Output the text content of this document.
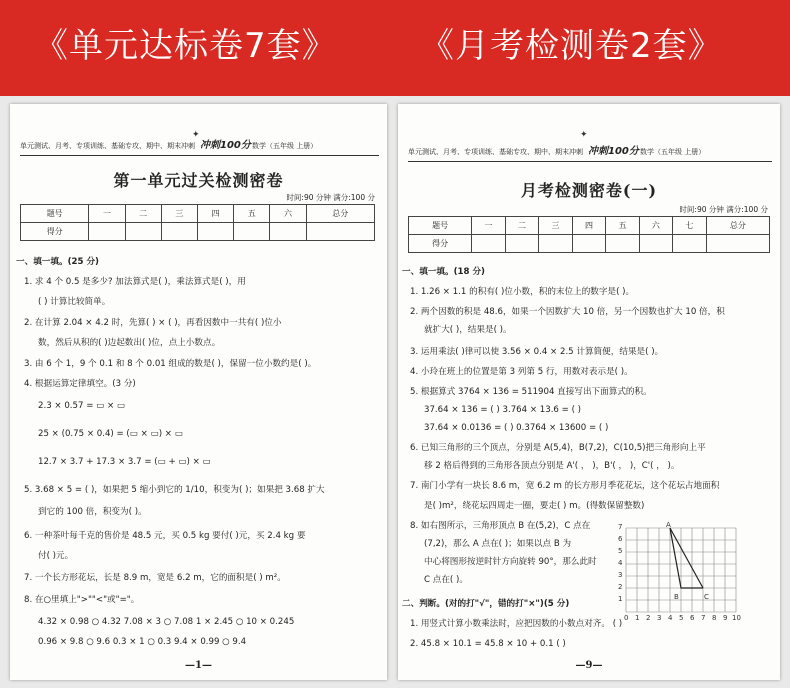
《单元达标卷7套》 《月考检测卷2套》
✦
单元测试、月考、专项训练、基础专攻、期中、期末冲刺 冲刺100分 数学（五年级 上册）
第一单元过关检测密卷
时间:90 分钟 满分:100 分
题号	一	二	三	四	五	六	总分
得分							
一、填一填。(25 分)
1. 求 4 个 0.5 是多少? 加法算式是( )，乘法算式是( )，用
( ) 计算比较简单。
2. 在计算 2.04 × 4.2 时，先算( ) × ( )，再看因数中一共有( )位小
数，然后从积的( )边起数出( )位，点上小数点。
3. 由 6 个 1，9 个 0.1 和 8 个 0.01 组成的数是( )，保留一位小数约是( )。
4. 根据运算定律填空。(3 分)
2.3 × 0.57 = ▭ × ▭
25 × (0.75 × 0.4) = (▭ × ▭) × ▭
12.7 × 3.7 + 17.3 × 3.7 = (▭ + ▭) × ▭
5. 3.68 × 5 = ( )，如果把 5 缩小到它的 1/10，积变为( )；如果把 3.68 扩大
到它的 100 倍，积变为( )。
6. 一种茶叶每千克的售价是 48.5 元，买 0.5 kg 要付( )元，买 2.4 kg 要
付( )元。
7. 一个长方形花坛，长是 8.9 m，宽是 6.2 m，它的面积是( ) m²。
8. 在○里填上">""<"或"="。
4.32 × 0.98 ○ 4.32 7.08 × 3 ○ 7.08 1 × 2.45 ○ 10 × 0.245
0.96 × 9.8 ○ 9.6 0.3 × 1 ○ 0.3 9.4 × 0.99 ○ 9.4
—1—
✦
单元测试、月考、专项训练、基础专攻、期中、期末冲刺 冲刺100分 数学（五年级 上册）
月考检测密卷(一)
时间:90 分钟 满分:100 分
题号	一	二	三	四	五	六	七	总分
得分								
一、填一填。(18 分)
1. 1.26 × 1.1 的积有( )位小数，积的末位上的数字是( )。
2. 两个因数的积是 48.6，如果一个因数扩大 10 倍，另一个因数也扩大 10 倍，积
就扩大( )，结果是( )。
3. 运用乘法( )律可以使 3.56 × 0.4 × 2.5 计算简便，结果是( )。
4. 小玲在班上的位置是第 3 列第 5 行，用数对表示是( )。
5. 根据算式 3764 × 136 = 511904 直接写出下面算式的积。
37.64 × 136 = ( ) 3.764 × 13.6 = ( )
37.64 × 0.0136 = ( ) 0.3764 × 13600 = ( )
6. 已知三角形的三个顶点，分别是 A(5,4)，B(7,2)，C(10,5)把三角形向上平
移 2 格后得到的三角形各顶点分别是 A'( ， )，B'( ， )，C'( ， )。
7. 南门小学有一块长 8.6 m，宽 6.2 m 的长方形月季花花坛，这个花坛占地面积
是( )m²，绕花坛四周走一圈，要走( ) m。(得数保留整数)
8. 如右图所示，三角形顶点 B 在(5,2)，C 点在
(7,2)，那么 A 点在( )；如果以点 B 为
中心将图形按逆时针方向旋转 90°，那么此时
C 点在( )。
二、判断。(对的打"√"，错的打"×")(5 分)
1. 用竖式计算小数乘法时，应把因数的小数点对齐。 ( )
2. 45.8 × 10.1 = 45.8 × 10 + 0.1 ( )
A
B	C
0 1 2 3 4 5 6 7 8 9 10
1
2
3
4
5
6
7
—9—
